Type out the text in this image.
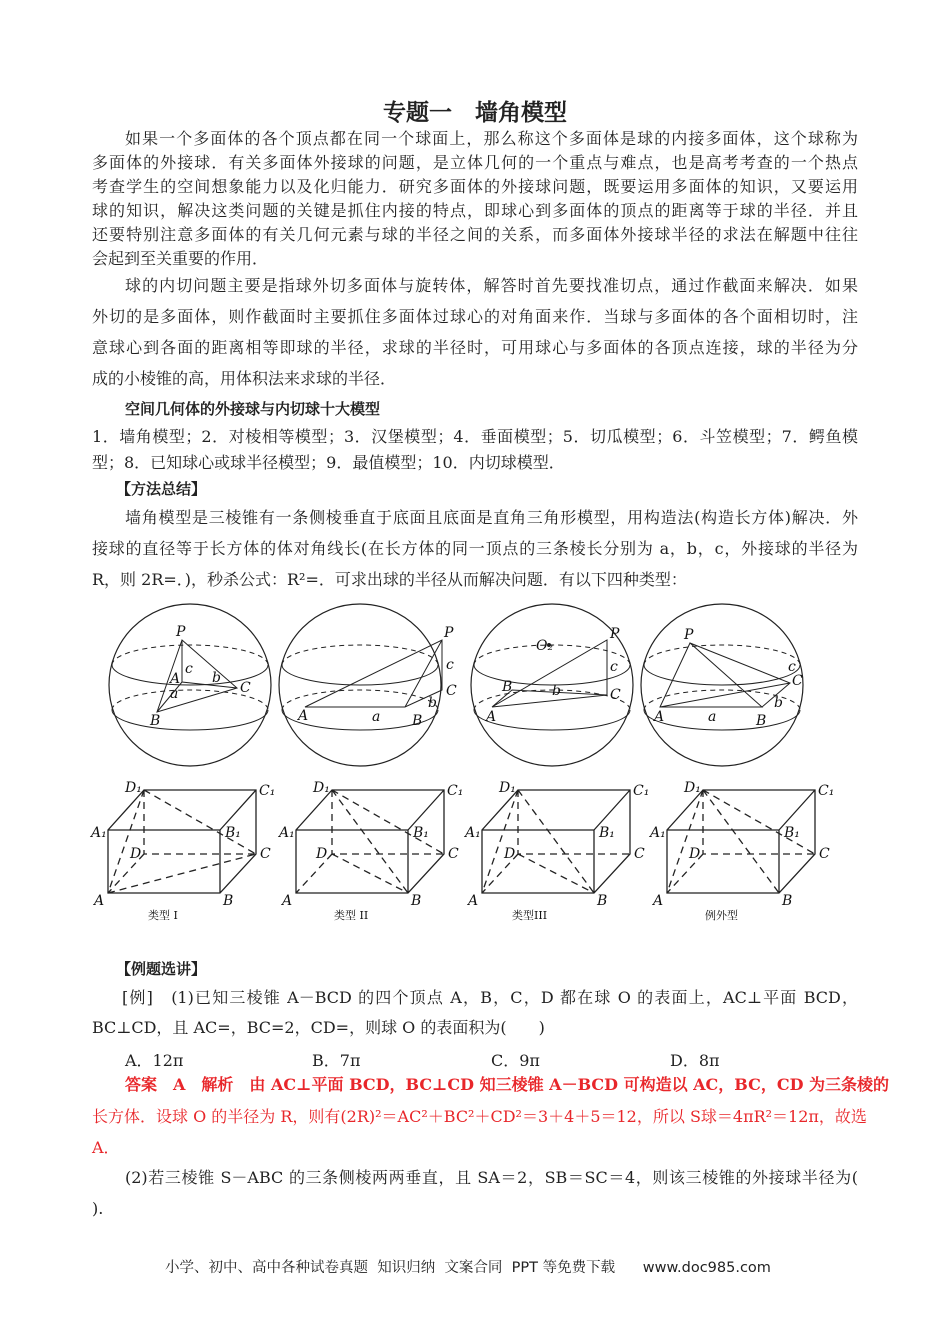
专题一　墙角模型
如果一个多面体的各个顶点都在同一个球面上，那么称这个多面体是球的内接多面体，这个球称为
多面体的外接球．有关多面体外接球的问题，是立体几何的一个重点与难点，也是高考考查的一个热点
考查学生的空间想象能力以及化归能力．研究多面体的外接球问题，既要运用多面体的知识，又要运用
球的知识，解决这类问题的关键是抓住内接的特点，即球心到多面体的顶点的距离等于球的半径．并且
还要特别注意多面体的有关几何元素与球的半径之间的关系，而多面体外接球半径的求法在解题中往往
会起到至关重要的作用．
球的内切问题主要是指球外切多面体与旋转体，解答时首先要找准切点，通过作截面来解决．如果
外切的是多面体，则作截面时主要抓住多面体过球心的对角面来作．当球与多面体的各个面相切时，注
意球心到各面的距离相等即球的半径，求球的半径时，可用球心与多面体的各顶点连接，球的半径为分
成的小棱锥的高，用体积法来求球的半径．
空间几何体的外接球与内切球十大模型
1．墙角模型；2．对棱相等模型；3．汉堡模型；4．垂面模型；5．切瓜模型；6．斗笠模型；7．鳄鱼模
型；8．已知球心或球半径模型；9．最值模型；10．内切球模型．
【方法总结】
墙角模型是三棱锥有一条侧棱垂直于底面且底面是直角三角形模型，用构造法(构造长方体)解决．外
接球的直径等于长方体的体对角线长(在长方体的同一顶点的三条棱长分别为 a，b，c，外接球的半径为
R，则 2R=．)，秒杀公式：R²=．可求出球的半径从而解决问题．有以下四种类型：
P
A
B
C
a
b
c
P
A	B
C
a
b
c
O₂
P
A
B	C
b
c
P
A	B
C
a
b
c
A	B
C
D
A₁	B₁
C₁
D₁
类型 I
A	B
C
D
A₁	B₁
C₁
D₁
类型 II
A	B
C
D
A₁	B₁
C₁
D₁
类型III
A	B
C
D
A₁	B₁
C₁
D₁
例外型
【例题选讲】
[例]　(1)已知三棱锥 A－BCD 的四个顶点 A，B，C，D 都在球 O 的表面上，AC⊥平面 BCD，
BC⊥CD，且 AC=，BC=2，CD=，则球 O 的表面积为(　　)
A．12π	B．7π	C．9π	D．8π
答案　A　解析　由 AC⊥平面 BCD，BC⊥CD 知三棱锥 A－BCD 可构造以 AC，BC，CD 为三条棱的
长方体．设球 O 的半径为 R，则有(2R)²＝AC²＋BC²＋CD²＝3＋4＋5＝12，所以 S球＝4πR²＝12π，故选
A．
(2)若三棱锥 S－ABC 的三条侧棱两两垂直，且 SA＝2，SB＝SC＝4，则该三棱锥的外接球半径为(
).
小学、初中、高中各种试卷真题  知识归纳  文案合同  PPT 等免费下载      www.doc985.com
